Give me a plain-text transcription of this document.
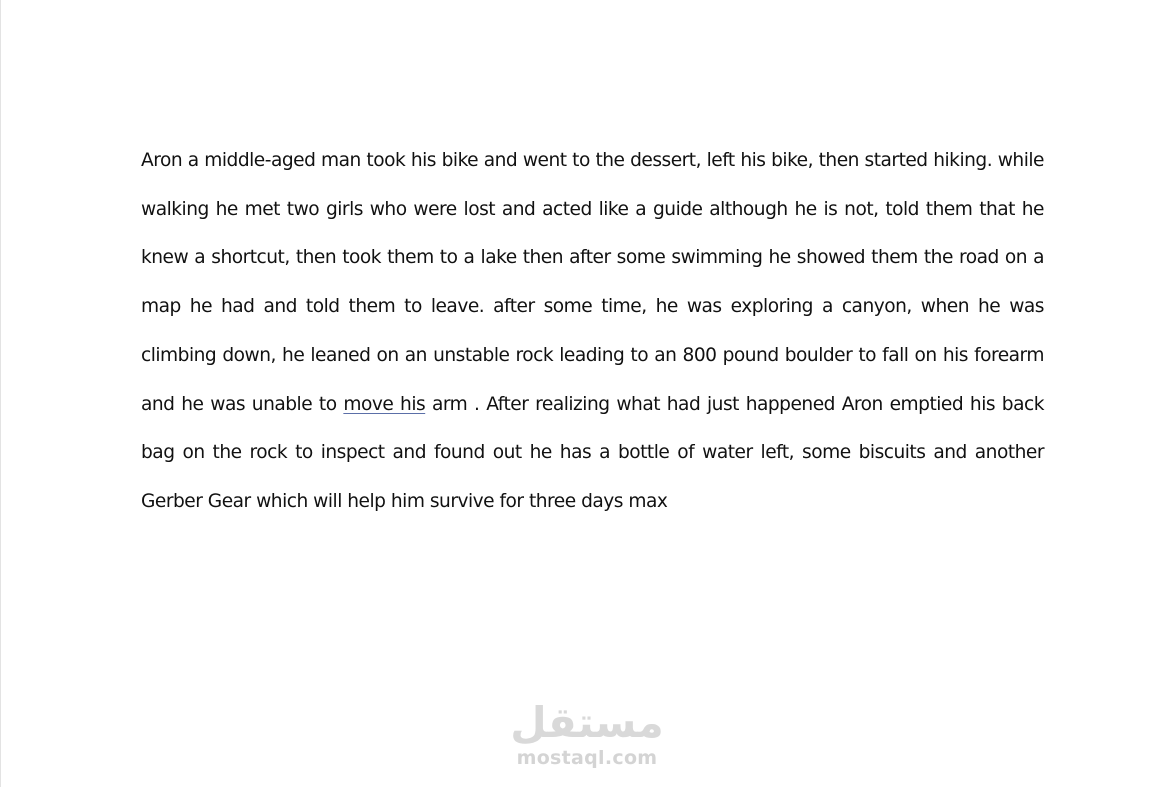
Aron a middle-aged man took his bike and went to the dessert, left his bike, then started hiking. while
walking he met two girls who were lost and acted like a guide although he is not, told them that he
knew a shortcut, then took them to a lake then after some swimming he showed them the road on a
map he had and told them to leave. after some time, he was exploring a canyon, when he was
climbing down, he leaned on an unstable rock leading to an 800 pound boulder to fall on his forearm
and he was unable to move his arm . After realizing what had just happened Aron emptied his back
bag on the rock to inspect and found out he has a bottle of water left, some biscuits and another
Gerber Gear which will help him survive for three days max

مستقل
mostaql.com
